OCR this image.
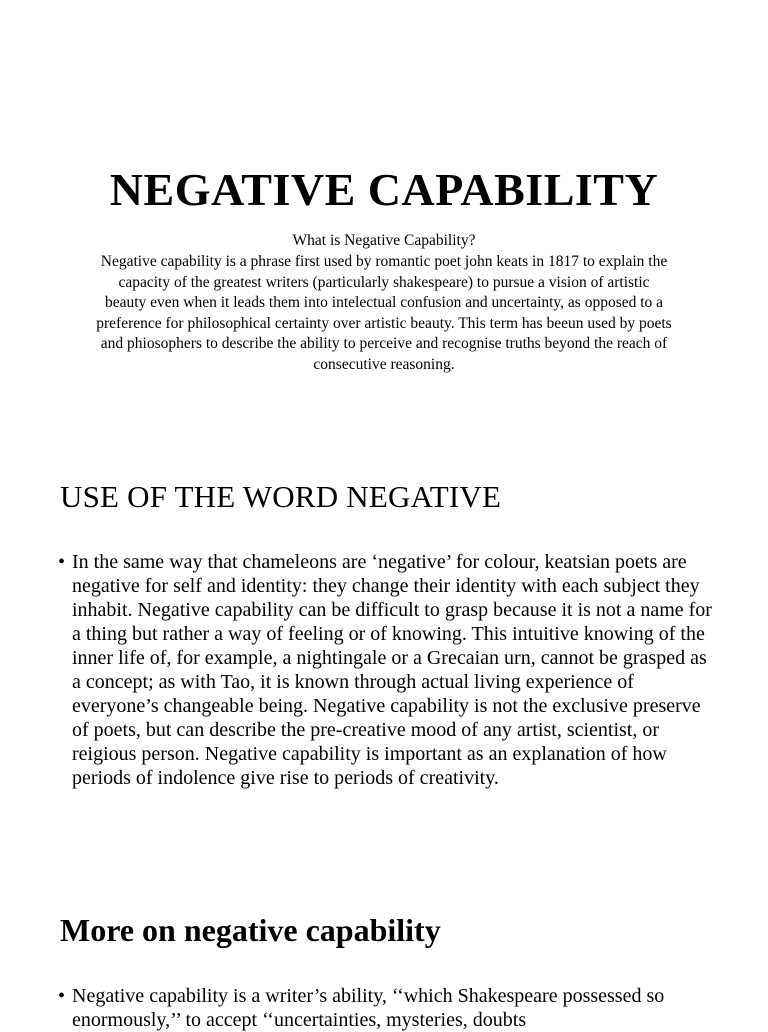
NEGATIVE CAPABILITY
What is Negative Capability?
Negative capability is a phrase first used by romantic poet john keats in 1817 to explain the capacity of the greatest writers (particularly shakespeare) to pursue a vision of artistic beauty even when it leads them into intelectual confusion and uncertainty, as opposed to a preference for philosophical certainty over artistic beauty. This term has beeun used by poets and phiosophers to describe the ability to perceive and recognise truths beyond the reach of consecutive reasoning.
USE OF THE WORD NEGATIVE
• In the same way that chameleons are ‘negative’ for colour, keatsian poets are negative for self and identity: they change their identity with each subject they inhabit. Negative capability can be difficult to grasp because it is not a name for a thing but rather a way of feeling or of knowing. This intuitive knowing of the inner life of, for example, a nightingale or a Grecaian urn, cannot be grasped as a concept; as with Tao, it is known through actual living experience of everyone’s changeable being. Negative capability is not the exclusive preserve of poets, but can describe the pre-creative mood of any artist, scientist, or reigious person. Negative capability is important as an explanation of how periods of indolence give rise to periods of creativity.
More on negative capability
• Negative capability is a writer’s ability, ‘‘which Shakespeare possessed so enormously,’’ to accept ‘‘uncertainties, mysteries, doubts
